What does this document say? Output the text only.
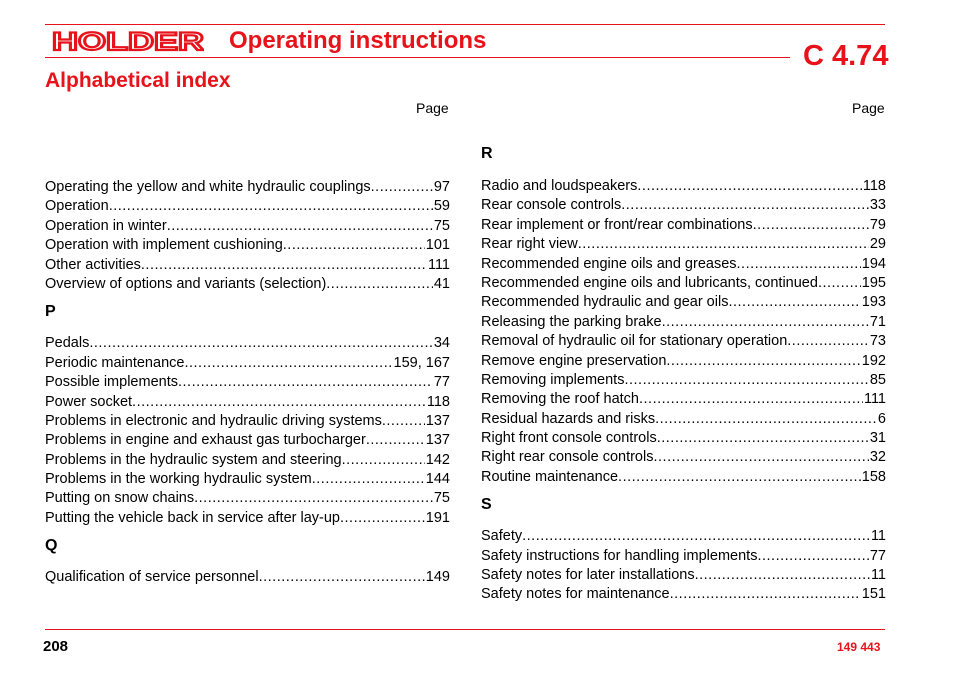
HOLDER Operating instructions	C 4.74
Alphabetical index
Page	Page
Operating the yellow and white hydraulic couplings .....	97
Operation .....	59
Operation in winter .....	75
Operation with implement cushioning .....	101
Other activities .....	111
Overview of options and variants (selection) .....	41
P
Pedals .....	34
Periodic maintenance .....	159, 167
Possible implements .....	77
Power socket .....	118
Problems in electronic and hydraulic driving systems .....	137
Problems in engine and exhaust gas turbocharger .....	137
Problems in the hydraulic system and steering .....	142
Problems in the working hydraulic system .....	144
Putting on snow chains .....	75
Putting the vehicle back in service after lay-up .....	191
Q
Qualification of service personnel .....	149
R
Radio and loudspeakers .....	118
Rear console controls .....	33
Rear implement or front/rear combinations .....	79
Rear right view .....	29
Recommended engine oils and greases .....	194
Recommended engine oils and lubricants, continued .....	195
Recommended hydraulic and gear oils .....	193
Releasing the parking brake .....	71
Removal of hydraulic oil for stationary operation .....	73
Remove engine preservation .....	192
Removing implements .....	85
Removing the roof hatch .....	111
Residual hazards and risks .....	6
Right front console controls .....	31
Right rear console controls .....	32
Routine maintenance .....	158
S
Safety .....	11
Safety instructions for handling implements .....	77
Safety notes for later installations .....	11
Safety notes for maintenance .....	151
208	149 443
